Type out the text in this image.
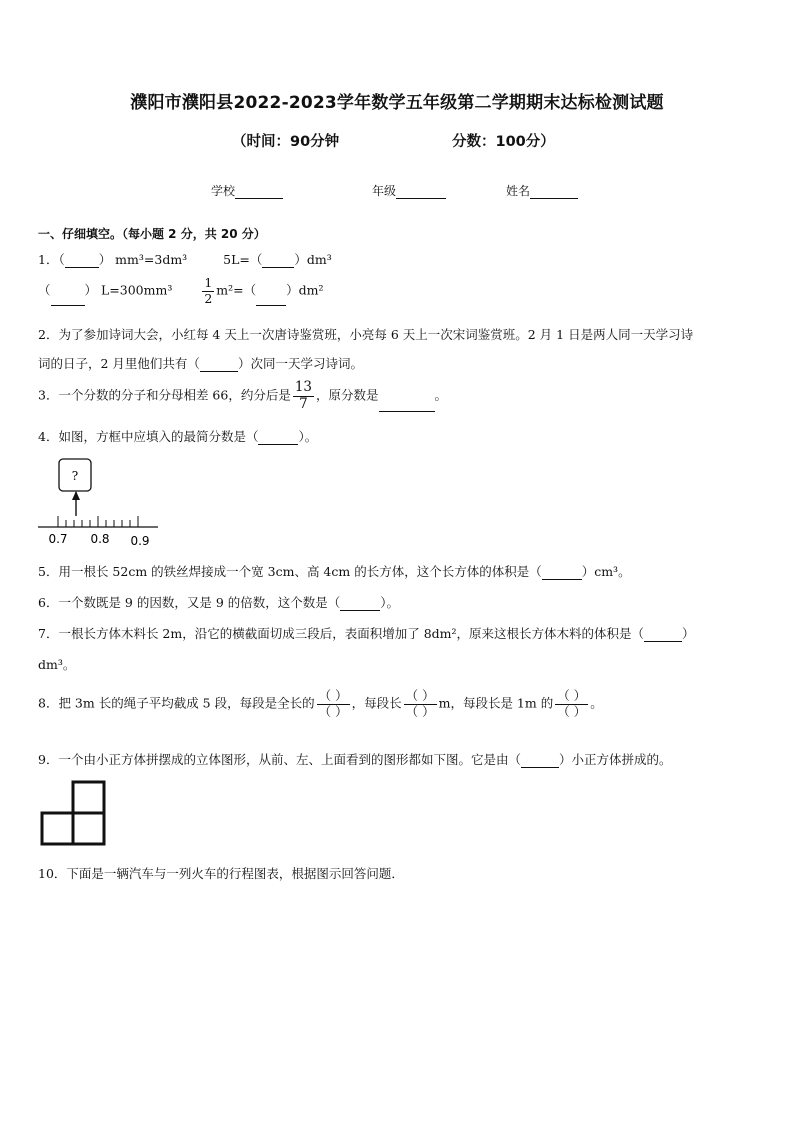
濮阳市濮阳县2022-2023学年数学五年级第二学期期末达标检测试题
（时间：90分钟	分数：100分）
学校	年级	姓名
一、仔细填空。（每小题 2 分，共 20 分）
1．（	） mm³=3dm³	5L=（	）dm³
（	） $L=300mm^3 \frac{1}{2} m^2=$（ ）dm²
2．为了参加诗词大会，小红每 4 天上一次唐诗鉴赏班，小亮每 6 天上一次宋词鉴赏班。2 月 1 日是两人同一天学习诗
词的日子，2 月里他们共有（	）次同一天学习诗词。
3．一个分数的分子和分母相差 66，约分后是 $\frac{13}{7}$ ，原分数是	。
4．如图，方框中应填入的最简分数是（	）。
?
0.7 0.8 0.9
5．用一根长 52cm 的铁丝焊接成一个宽 3cm、高 4cm 的长方体，这个长方体的体积是（	）cm³。
6．一个数既是 9 的因数，又是 9 的倍数，这个数是（	）。
7．一根长方体木料长 2m，沿它的横截面切成三段后，表面积增加了 8dm²，原来这根长方体木料的体积是（	）
dm³。
8．把 3m 长的绳子平均截成 5 段，每段是全长的 $\frac{( )}{( )}$ ，每段长 $\frac{( )}{( )}$ m，每段长是 1m 的 $\frac{( )}{( )}$ 。
9．一个由小正方体拼摆成的立体图形，从前、左、上面看到的图形都如下图。它是由（	）小正方体拼成的。
10．下面是一辆汽车与一列火车的行程图表，根据图示回答问题．
